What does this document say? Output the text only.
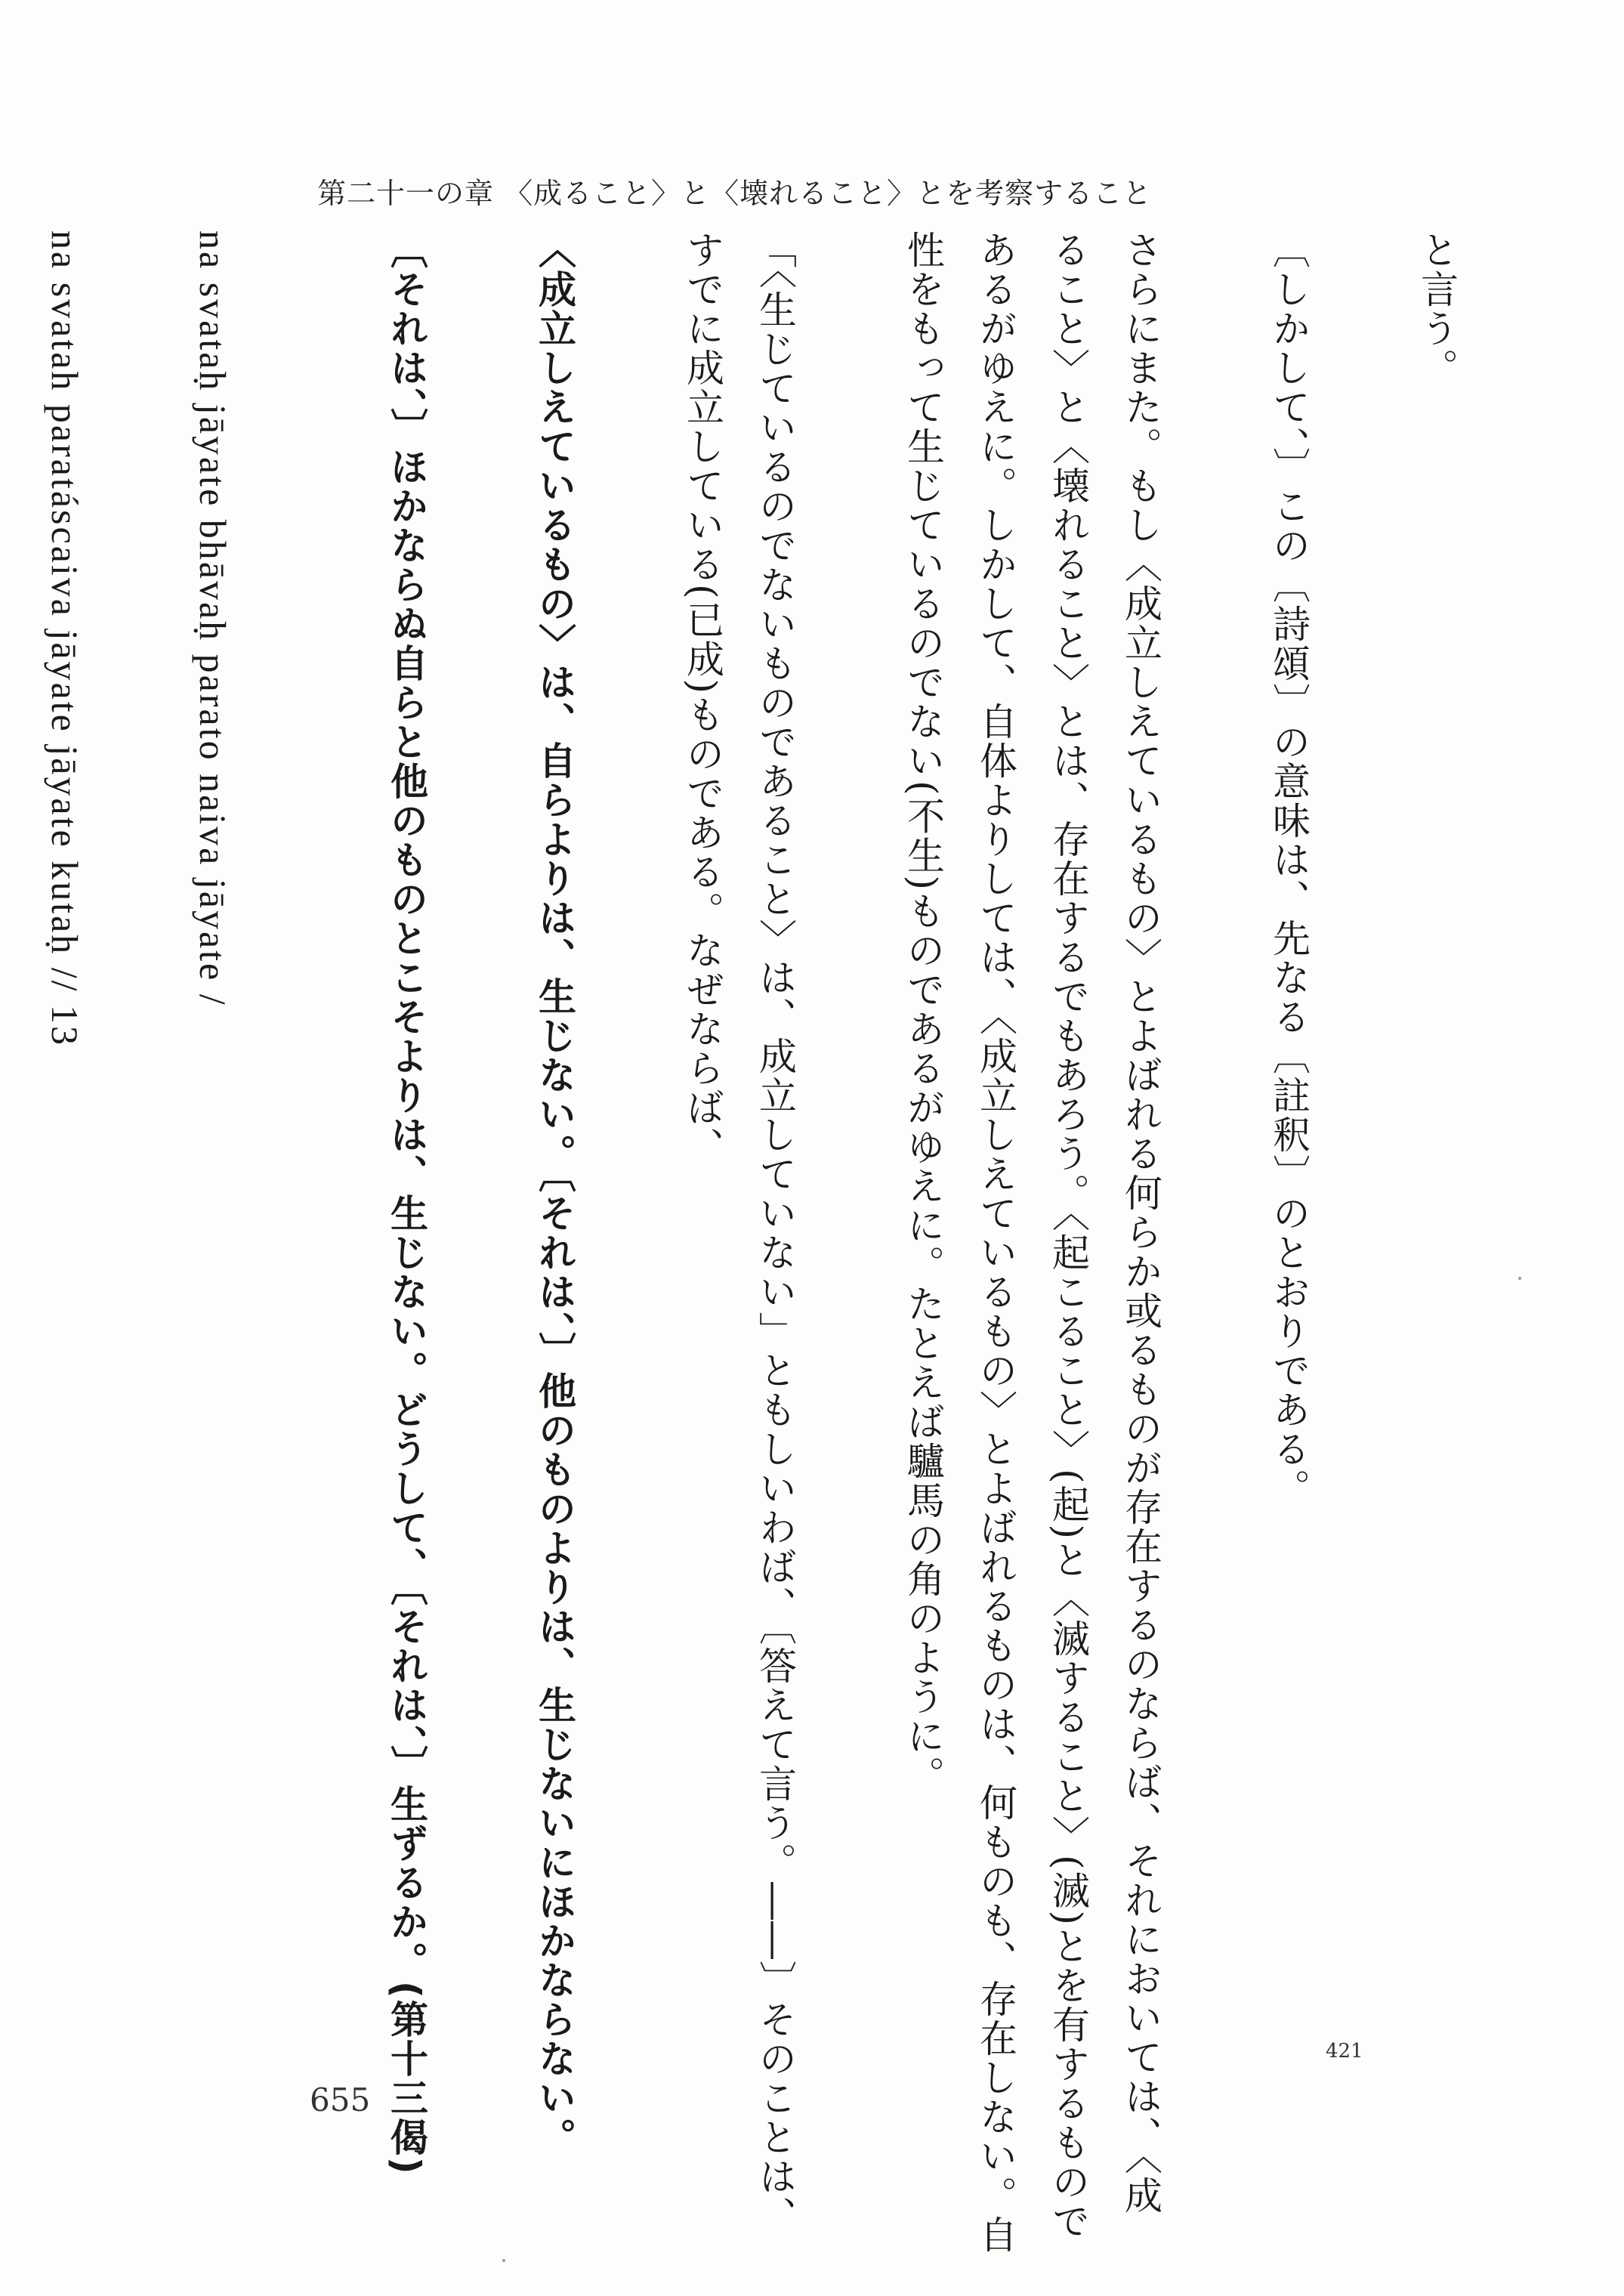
第二十一の章 〈成ること〉と〈壊れること〉とを考察すること
と言う。
〔しかして、〕この〔詩頌〕の意味は、先なる〔註釈〕のとおりである。
さらにまた。もし〈成立しえているもの〉とよばれる何らか或るものが存在するのならば、それにおいては、〈成
ること〉と〈壊れること〉とは、存在するでもあろう。〈起こること〉(起)と〈滅すること〉(滅)とを有するもので
あるがゆえに。しかして、自体よりしては、〈成立しえているもの〉とよばれるものは、何ものも、存在しない。自
性をもって生じているのでない(不生)ものであるがゆえに。たとえば驢馬の角のように。
「〈生じているのでないものであること〉は、成立していない」ともしいわば、〔答えて言う。――〕そのことは、
すでに成立している(已成)ものである。なぜならば、
〈成立しえているもの〉は、自らよりは、生じない。〔それは、〕他のものよりは、生じないにほかならない。
〔それは、〕ほかならぬ自らと他のものとこそよりは、生じない。どうして、〔それは、〕生ずるか。(第十三偈)
na svataḥ jāyate bhāvaḥ parato naiva jāyate /
na svatah paratáscaiva jāyate jāyate kutaḥ // 13
421
655
